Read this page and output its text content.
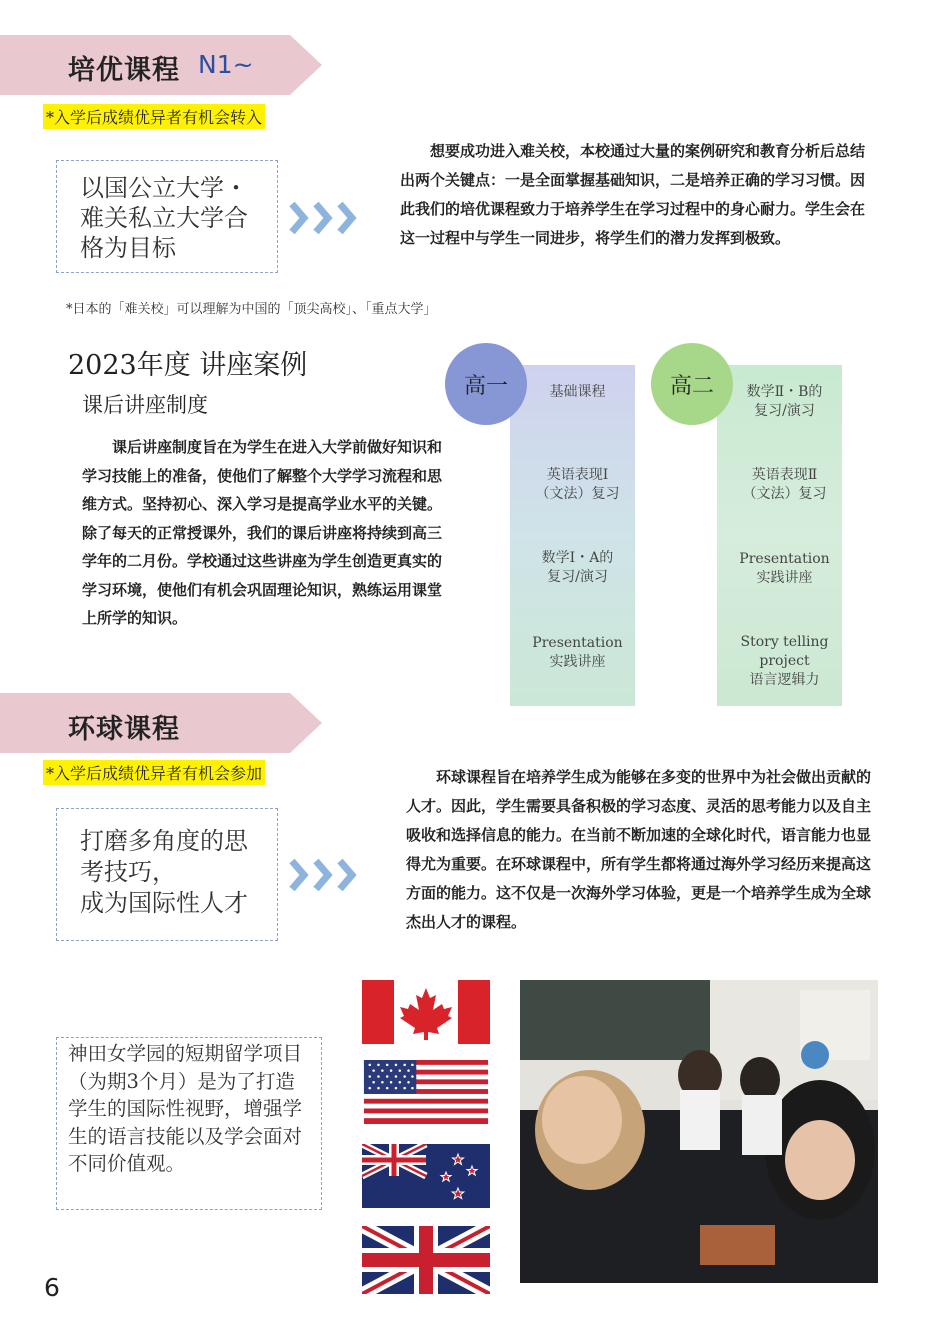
培优课程 N1~
*入学后成绩优异者有机会转入
以国公立大学・
难关私立大学合
格为目标
想要成功进入难关校，本校通过大量的案例研究和教育分析后总结出两个关键点：一是全面掌握基础知识，二是培养正确的学习习惯。因此我们的培优课程致力于培养学生在学习过程中的身心耐力。学生会在这一过程中与学生一同进步，将学生们的潜力发挥到极致。
*日本的「难关校」可以理解为中国的「顶尖高校」、「重点大学」
2023年度 讲座案例
课后讲座制度
课后讲座制度旨在为学生在进入大学前做好知识和学习技能上的准备，使他们了解整个大学学习流程和思维方式。坚持初心、深入学习是提高学业水平的关键。除了每天的正常授课外，我们的课后讲座将持续到高三学年的二月份。学校通过这些讲座为学生创造更真实的学习环境，使他们有机会巩固理论知识，熟练运用课堂上所学的知识。
基础课程
英语表现Ⅰ
（文法）复习
数学Ⅰ・A的
复习/演习
Presentation
实践讲座
高一	数学Ⅱ・B的
复习/演习
英语表现Ⅱ
（文法）复习
Presentation
实践讲座
Story telling
project
语言逻辑力
高二
环球课程
*入学后成绩优异者有机会参加
打磨多角度的思
考技巧，
成为国际性人才
环球课程旨在培养学生成为能够在多变的世界中为社会做出贡献的人才。因此，学生需要具备积极的学习态度、灵活的思考能力以及自主吸收和选择信息的能力。在当前不断加速的全球化时代，语言能力也显得尤为重要。在环球课程中，所有学生都将通过海外学习经历来提高这方面的能力。这不仅是一次海外学习体验，更是一个培养学生成为全球杰出人才的课程。
神田女学园的短期留学项目（为期3个月）是为了打造学生的国际性视野，增强学生的语言技能以及学会面对不同价值观。
6
